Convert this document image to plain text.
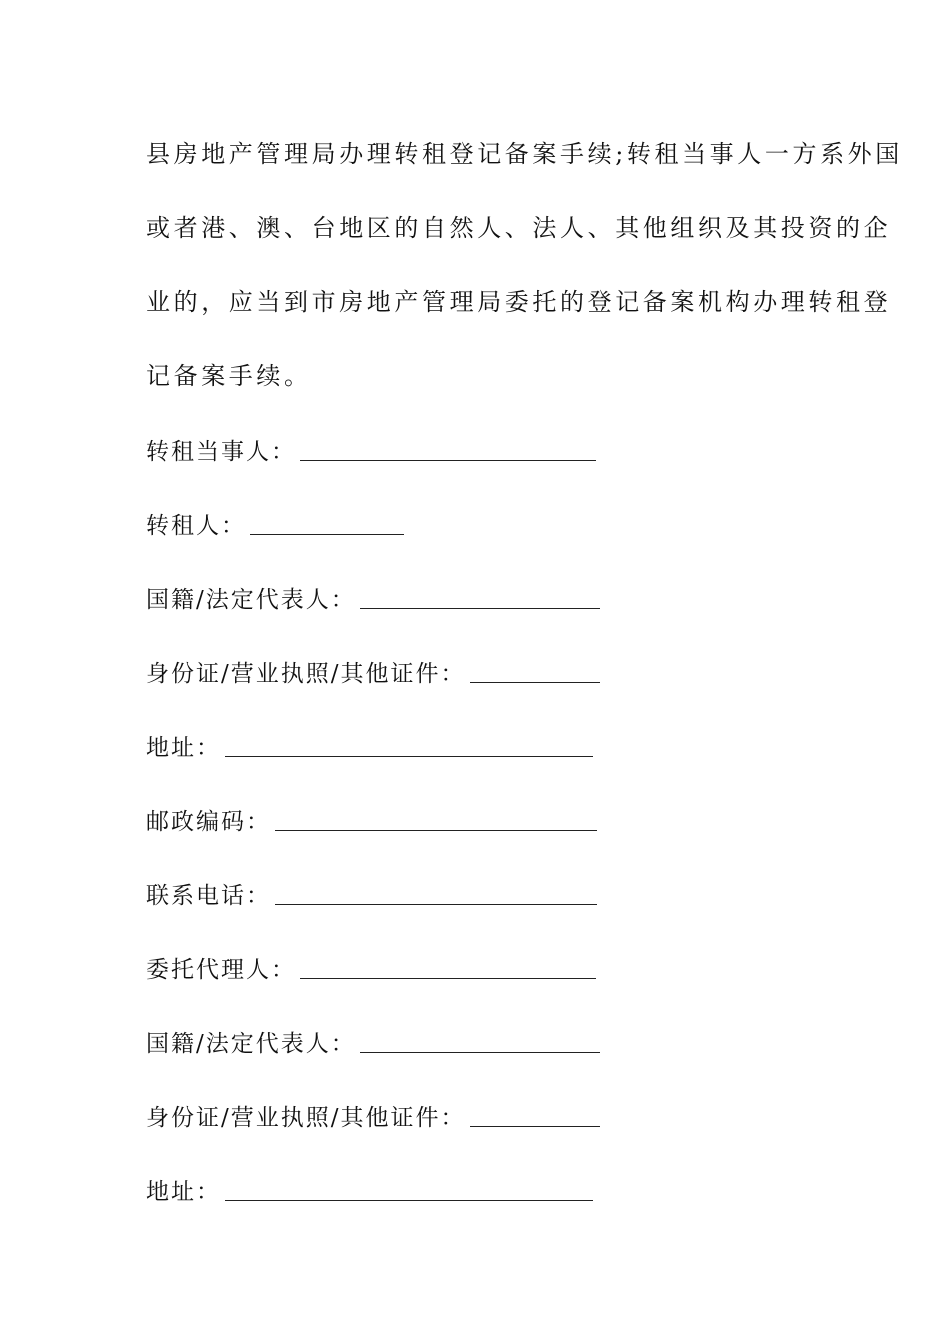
县房地产管理局办理转租登记备案手续;转租当事人一方系外国
或者港、澳、台地区的自然人、法人、其他组织及其投资的企
业的，应当到市房地产管理局委托的登记备案机构办理转租登
记备案手续。
转租当事人：
转租人：
国籍/法定代表人：
身份证/营业执照/其他证件：
地址：
邮政编码：
联系电话：
委托代理人：
国籍/法定代表人：
身份证/营业执照/其他证件：
地址：
